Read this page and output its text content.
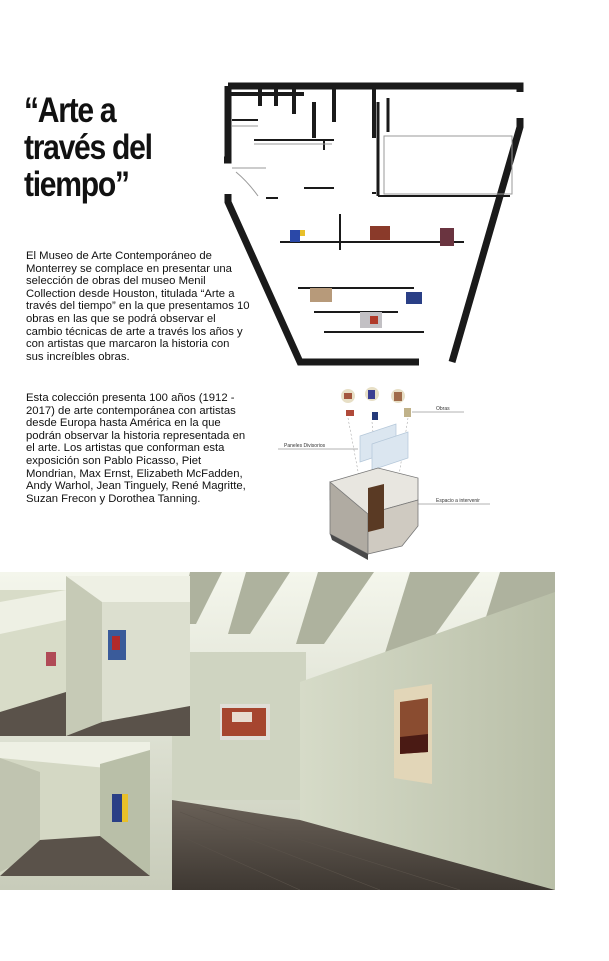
“Arte a
través del
tiempo”

El Museo de Arte Contemporáneo de Monterrey se complace en presentar una selección de obras del museo Menil Collection desde Houston, titulada “Arte a través del tiempo” en la que presentamos 10 obras en las que se podrá observar el cambio técnicas de arte a través los años y con artistas que marcaron la historia con sus increíbles obras.

Esta colección presenta 100 años (1912 - 2017) de arte contemporánea con artistas desde Europa hasta América en la que podrán observar la historia representada en el arte. Los artistas que conforman esta exposición son Pablo Picasso, Piet Mondrian, Max Ernst, Elizabeth McFadden, Andy Warhol, Jean Tinguely, René Magritte, Suzan Frecon y Dorothea Tanning.

Obras
Paneles Divisorios
Espacio a intervenir
